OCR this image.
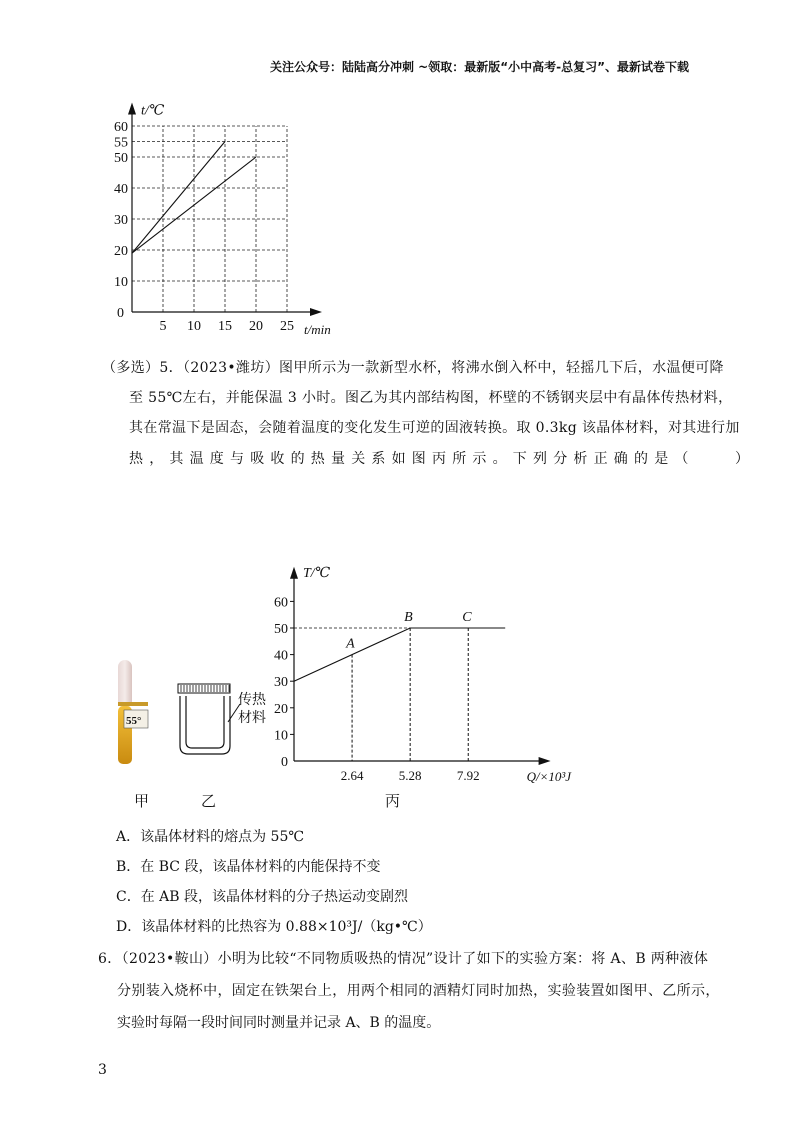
关注公众号：陆陆高分冲刺 ~领取：最新版“小中高考-总复习”、最新试卷下载
5 10 15 20 25
10
20
30
40
50
55
60
0
t/min
t/℃
（多选）5．（2023•潍坊）图甲所示为一款新型水杯，将沸水倒入杯中，轻摇几下后，水温便可降
至 55℃左右，并能保温 3 小时。图乙为其内部结构图，杯壁的不锈钢夹层中有晶体传热材料，
其在常温下是固态，会随着温度的变化发生可逆的固液转换。取 0.3kg 该晶体材料，对其进行加
热，其温度与吸收的热量关系如图丙所示。下列分析正确的是（　　）
55°
传热
材料
10
20
30
40
50
60
0
A
B	C
2.64	5.28	7.92	Q/×10³J
T/℃
甲	乙	丙
A．该晶体材料的熔点为 55℃
B．在 BC 段，该晶体材料的内能保持不变
C．在 AB 段，该晶体材料的分子热运动变剧烈
D．该晶体材料的比热容为 0.88×10³J/（kg•℃）
6．（2023•鞍山）小明为比较“不同物质吸热的情况”设计了如下的实验方案：将 A、B 两种液体
分别装入烧杯中，固定在铁架台上，用两个相同的酒精灯同时加热，实验装置如图甲、乙所示，
实验时每隔一段时间同时测量并记录 A、B 的温度。
3
